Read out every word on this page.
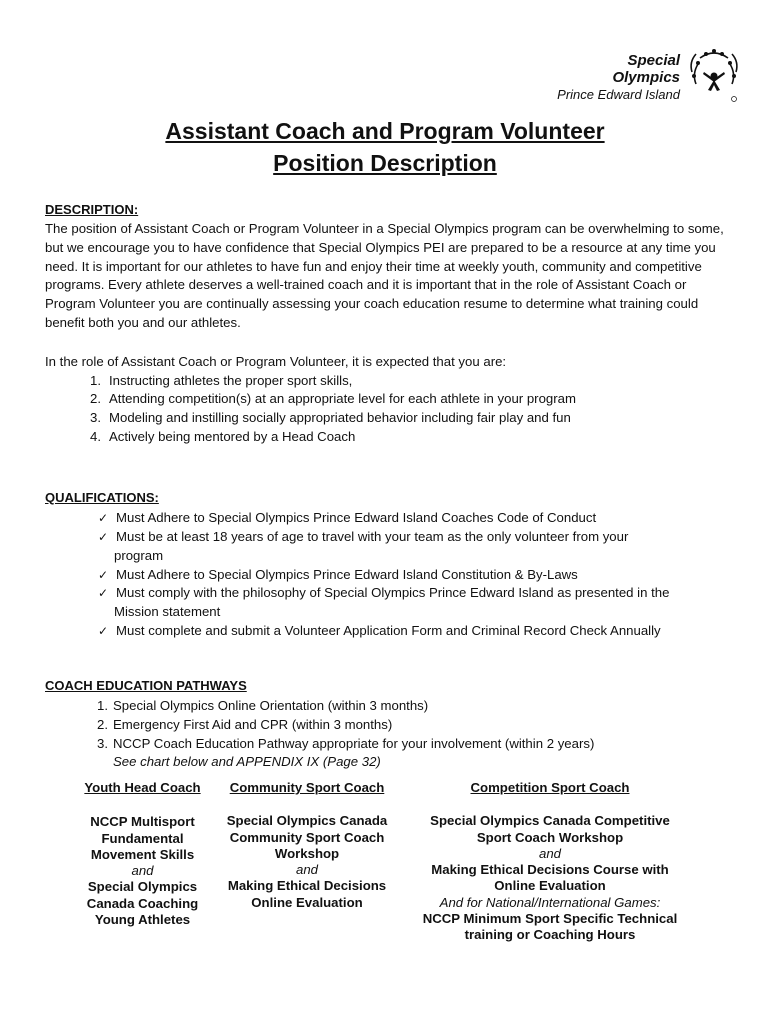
Special
Olympics
Prince Edward Island
Assistant Coach and Program Volunteer
Position Description
DESCRIPTION:
The position of Assistant Coach or Program Volunteer in a Special Olympics program can be overwhelming to some, but we encourage you to have confidence that Special Olympics PEI are prepared to be a resource at any time you need. It is important for our athletes to have fun and enjoy their time at weekly youth, community and competitive programs. Every athlete deserves a well-trained coach and it is important that in the role of Assistant Coach or Program Volunteer you are continually assessing your coach education resume to determine what training could benefit both you and our athletes.
In the role of Assistant Coach or Program Volunteer, it is expected that you are:
1. Instructing athletes the proper sport skills,
2. Attending competition(s) at an appropriate level for each athlete in your program
3. Modeling and instilling socially appropriated behavior including fair play and fun
4. Actively being mentored by a Head Coach
QUALIFICATIONS:
✓ Must Adhere to Special Olympics Prince Edward Island Coaches Code of Conduct
✓ Must be at least 18 years of age to travel with your team as the only volunteer from your
program
✓ Must Adhere to Special Olympics Prince Edward Island Constitution & By-Laws
✓ Must comply with the philosophy of Special Olympics Prince Edward Island as presented in the
Mission statement
✓ Must complete and submit a Volunteer Application Form and Criminal Record Check Annually
COACH EDUCATION PATHWAYS
1. Special Olympics Online Orientation (within 3 months)
2. Emergency First Aid and CPR (within 3 months)
3. NCCP Coach Education Pathway appropriate for your involvement (within 2 years)
See chart below and APPENDIX IX (Page 32)
Youth Head Coach
NCCP Multisport
Fundamental
Movement Skills
and
Special Olympics
Canada Coaching
Young Athletes
Community Sport Coach
Special Olympics Canada
Community Sport Coach
Workshop
and
Making Ethical Decisions
Online Evaluation
Competition Sport Coach
Special Olympics Canada Competitive
Sport Coach Workshop
and
Making Ethical Decisions Course with
Online Evaluation
And for National/International Games:
NCCP Minimum Sport Specific Technical
training or Coaching Hours
